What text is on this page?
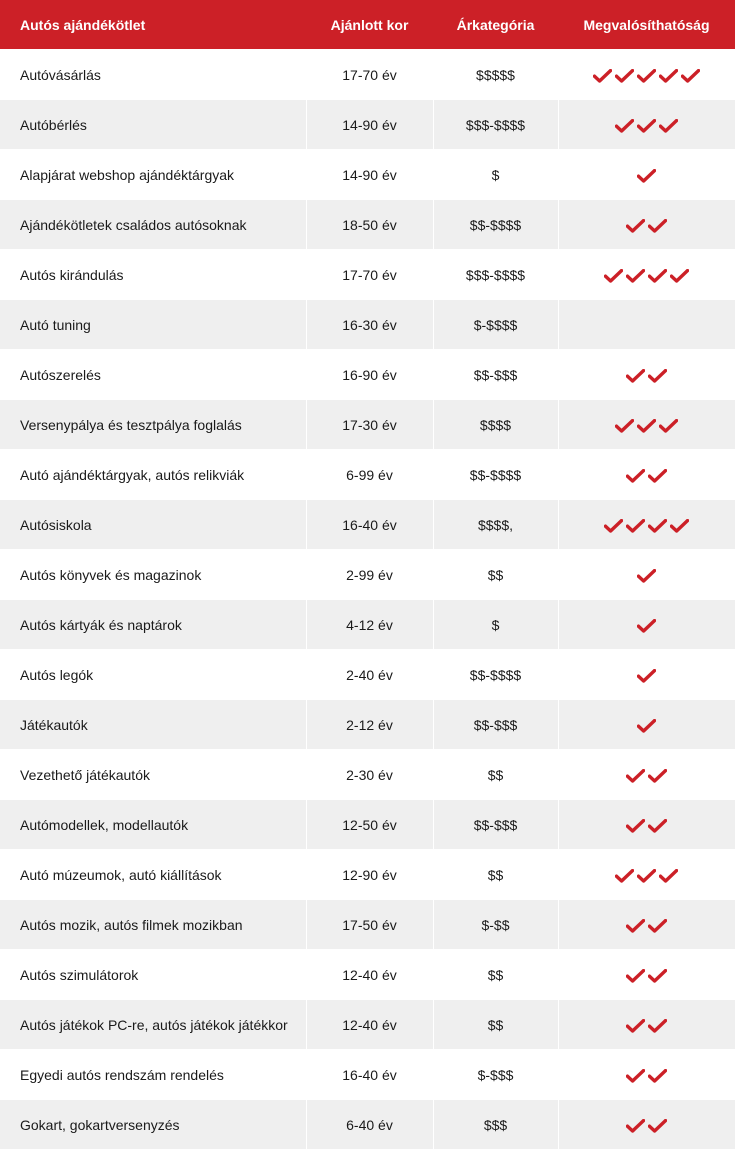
Autós ajándékötlet	Ajánlott kor	Árkategória	Megvalósíthatóság
Autóvásárlás	17-70 év	$$$$$	

Autóbérlés	14-90 év	$$$-$$$$	

Alapjárat webshop ajándéktárgyak	14-90 év	$	

Ajándékötletek családos autósoknak	18-50 év	$$-$$$$	

Autós kirándulás	17-70 év	$$$-$$$$	

Autó tuning	16-30 év	$-$$$$	
Autószerelés	16-90 év	$$-$$$	

Versenypálya és tesztpálya foglalás	17-30 év	$$$$	

Autó ajándéktárgyak, autós relikviák	6-99 év	$$-$$$$	

Autósiskola	16-40 év	$$$$,	

Autós könyvek és magazinok	2-99 év	$$	

Autós kártyák és naptárok	4-12 év	$	

Autós legók	2-40 év	$$-$$$$	

Játékautók	2-12 év	$$-$$$	

Vezethető játékautók	2-30 év	$$	

Autómodellek, modellautók	12-50 év	$$-$$$	

Autó múzeumok, autó kiállítások	12-90 év	$$	

Autós mozik, autós filmek mozikban	17-50 év	$-$$	

Autós szimulátorok	12-40 év	$$	

Autós játékok PC-re, autós játékok játékkor	12-40 év	$$	

Egyedi autós rendszám rendelés	16-40 év	$-$$$	

Gokart, gokartversenyzés	6-40 év	$$$	
